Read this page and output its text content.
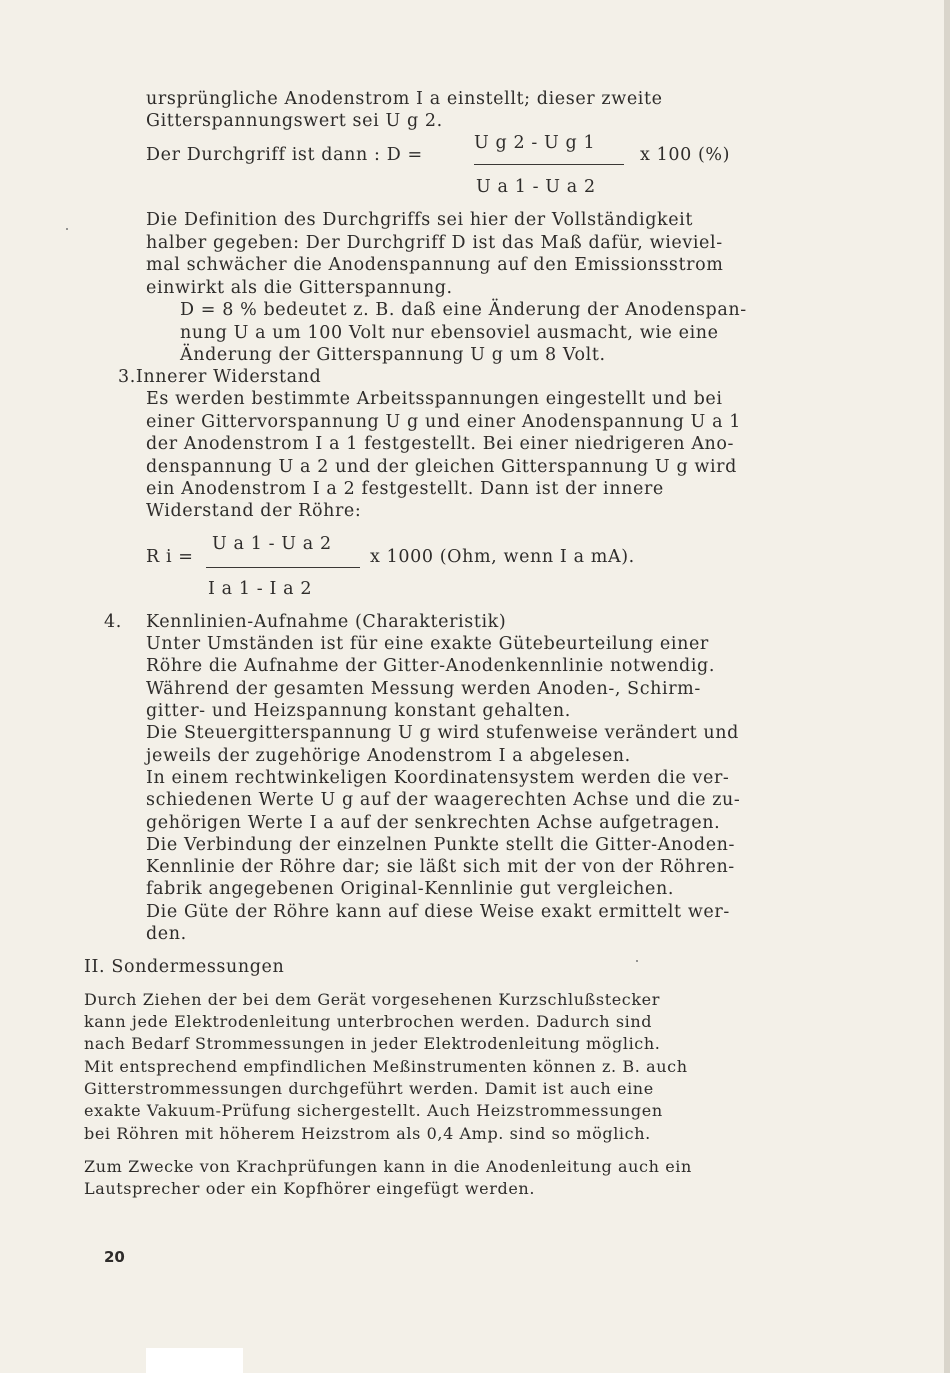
ursprüngliche Anodenstrom I a einstellt; dieser zweite
Gitterspannungswert sei U g 2.
Der Durchgriff ist dann : D =
U g 2 - U g 1
x 100 (%)
U a 1 - U a 2
Die Definition des Durchgriffs sei hier der Vollständigkeit
halber gegeben: Der Durchgriff D ist das Maß dafür, wieviel-
mal schwächer die Anodenspannung auf den Emissionsstrom
einwirkt als die Gitterspannung.
D = 8 % bedeutet z. B. daß eine Änderung der Anodenspan-
nung U a um 100 Volt nur ebensoviel ausmacht, wie eine
Änderung der Gitterspannung U g um 8 Volt.
3.Innerer Widerstand
Es werden bestimmte Arbeitsspannungen eingestellt und bei
einer Gittervorspannung U g und einer Anodenspannung U a 1
der Anodenstrom I a 1 festgestellt. Bei einer niedrigeren Ano-
denspannung U a 2 und der gleichen Gitterspannung U g wird
ein Anodenstrom I a 2 festgestellt. Dann ist der innere
Widerstand der Röhre:
R i =
U a 1 - U a 2
x 1000 (Ohm, wenn I a mA).
I a 1 - I a 2
4. Kennlinien-Aufnahme (Charakteristik)
Unter Umständen ist für eine exakte Gütebeurteilung einer
Röhre die Aufnahme der Gitter-Anodenkennlinie notwendig.
Während der gesamten Messung werden Anoden-, Schirm-
gitter- und Heizspannung konstant gehalten.
Die Steuergitterspannung U g wird stufenweise verändert und
jeweils der zugehörige Anodenstrom I a abgelesen.
In einem rechtwinkeligen Koordinatensystem werden die ver-
schiedenen Werte U g auf der waagerechten Achse und die zu-
gehörigen Werte I a auf der senkrechten Achse aufgetragen.
Die Verbindung der einzelnen Punkte stellt die Gitter-Anoden-
Kennlinie der Röhre dar; sie läßt sich mit der von der Röhren-
fabrik angegebenen Original-Kennlinie gut vergleichen.
Die Güte der Röhre kann auf diese Weise exakt ermittelt wer-
den.
II. Sondermessungen
Durch Ziehen der bei dem Gerät vorgesehenen Kurzschlußstecker
kann jede Elektrodenleitung unterbrochen werden. Dadurch sind
nach Bedarf Strommessungen in jeder Elektrodenleitung möglich.
Mit entsprechend empfindlichen Meßinstrumenten können z. B. auch
Gitterstrommessungen durchgeführt werden. Damit ist auch eine
exakte Vakuum-Prüfung sichergestellt. Auch Heizstrommessungen
bei Röhren mit höherem Heizstrom als 0,4 Amp. sind so möglich.
Zum Zwecke von Krachprüfungen kann in die Anodenleitung auch ein
Lautsprecher oder ein Kopfhörer eingefügt werden.
20
